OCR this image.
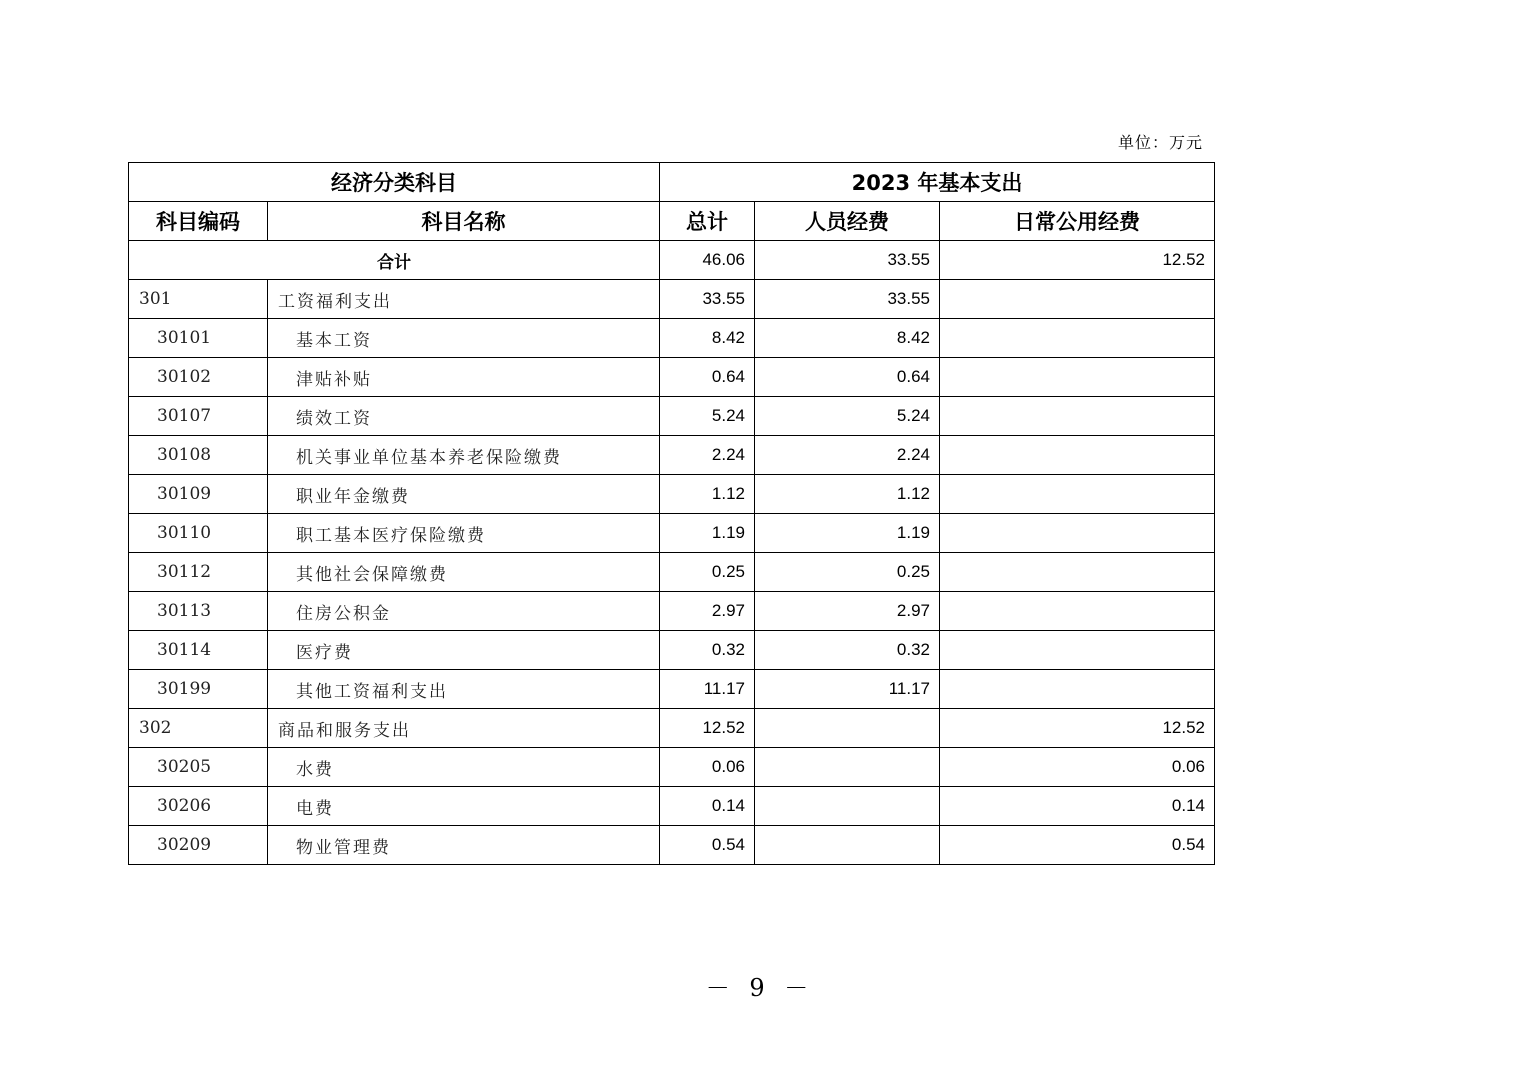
单位：万元
经济分类科目		2023 年基本支出		
科目编码	科目名称	总计	人员经费	日常公用经费
合计		46.06	33.55	12.52
301	工资福利支出	33.55	33.55	
30101	基本工资	8.42	8.42	
30102	津贴补贴	0.64	0.64	
30107	绩效工资	5.24	5.24	
30108	机关事业单位基本养老保险缴费	2.24	2.24	
30109	职业年金缴费	1.12	1.12	
30110	职工基本医疗保险缴费	1.19	1.19	
30112	其他社会保障缴费	0.25	0.25	
30113	住房公积金	2.97	2.97	
30114	医疗费	0.32	0.32	
30199	其他工资福利支出	11.17	11.17	
302	商品和服务支出	12.52		12.52
30205	水费	0.06		0.06
30206	电费	0.14		0.14
30209	物业管理费	0.54		0.54
－ 9 －
